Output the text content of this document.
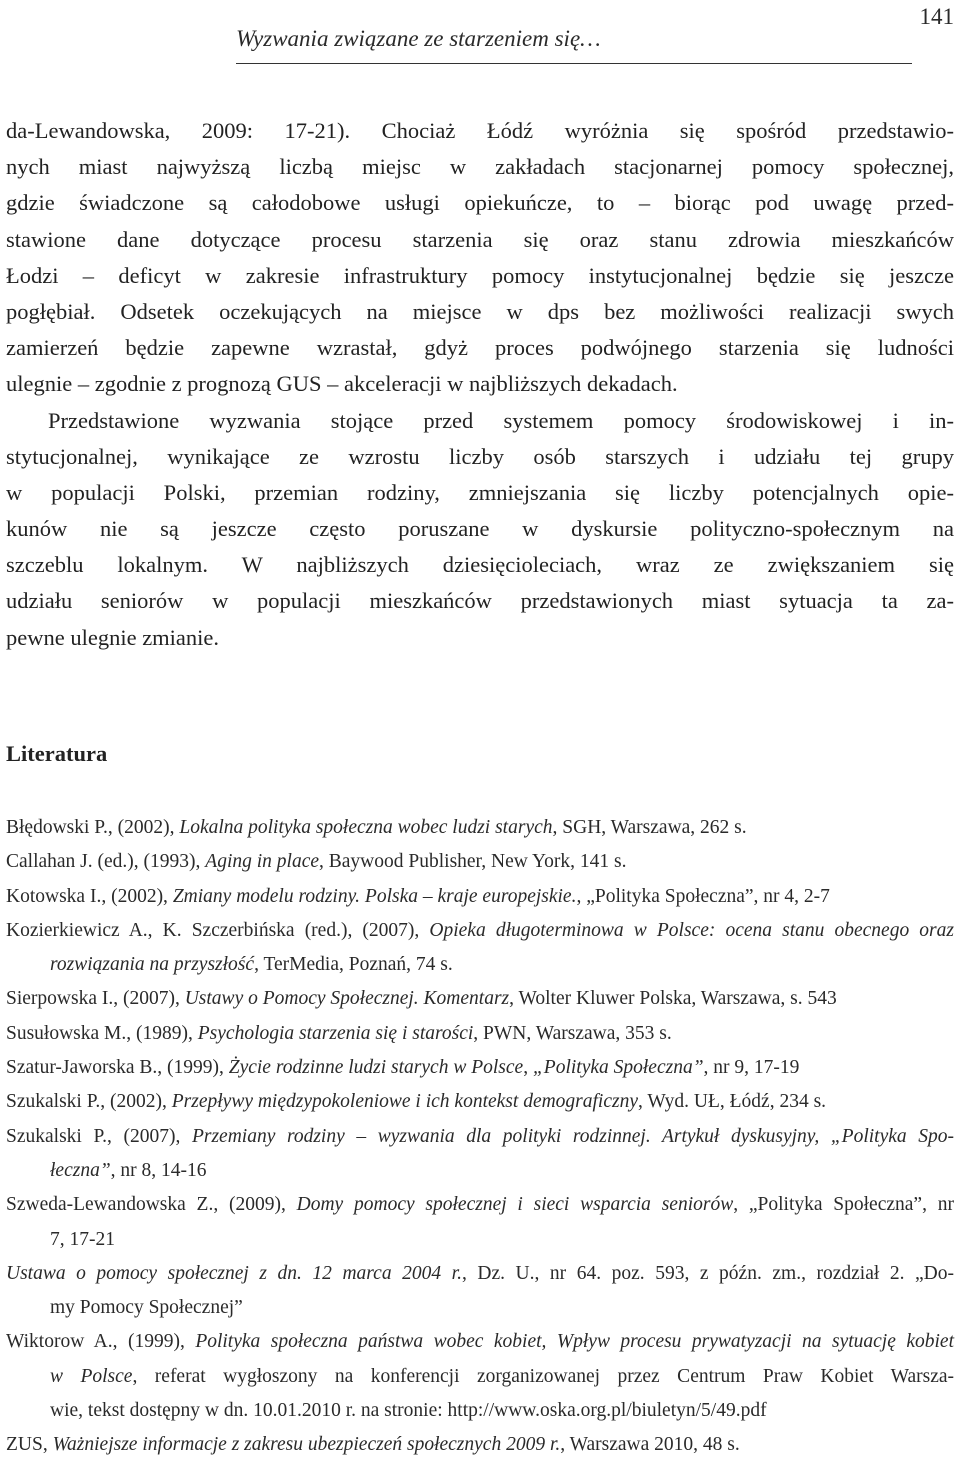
Wyzwania związane ze starzeniem się…
141
da-Lewandowska, 2009: 17-21). Chociaż Łódź wyróżnia się spośród przedstawio-
nych miast najwyższą liczbą miejsc w zakładach stacjonarnej pomocy społecznej,
gdzie świadczone są całodobowe usługi opiekuńcze, to – biorąc pod uwagę przed-
stawione dane dotyczące procesu starzenia się oraz stanu zdrowia mieszkańców
Łodzi – deficyt w zakresie infrastruktury pomocy instytucjonalnej będzie się jeszcze
pogłębiał. Odsetek oczekujących na miejsce w dps bez możliwości realizacji swych
zamierzeń będzie zapewne wzrastał, gdyż proces podwójnego starzenia się ludności
ulegnie – zgodnie z prognozą GUS – akceleracji w najbliższych dekadach.
Przedstawione wyzwania stojące przed systemem pomocy środowiskowej i in-
stytucjonalnej, wynikające ze wzrostu liczby osób starszych i udziału tej grupy
w populacji Polski, przemian rodziny, zmniejszania się liczby potencjalnych opie-
kunów nie są jeszcze często poruszane w dyskursie polityczno-społecznym na
szczeblu lokalnym. W najbliższych dziesięcioleciach, wraz ze zwiększaniem się
udziału seniorów w populacji mieszkańców przedstawionych miast sytuacja ta za-
pewne ulegnie zmianie.
Literatura
Błędowski P., (2002), Lokalna polityka społeczna wobec ludzi starych, SGH, Warszawa, 262 s.
Callahan J. (ed.), (1993), Aging in place, Baywood Publisher, New York, 141 s.
Kotowska I., (2002), Zmiany modelu rodziny. Polska – kraje europejskie., „Polityka Społeczna”, nr 4, 2-7
Kozierkiewicz A., K. Szczerbińska (red.), (2007), Opieka długoterminowa w Polsce: ocena stanu obecnego oraz
rozwiązania na przyszłość, TerMedia, Poznań, 74 s.
Sierpowska I., (2007), Ustawy o Pomocy Społecznej. Komentarz, Wolter Kluwer Polska, Warszawa, s. 543
Susułowska M., (1989), Psychologia starzenia się i starości, PWN, Warszawa, 353 s.
Szatur-Jaworska B., (1999), Życie rodzinne ludzi starych w Polsce, „Polityka Społeczna”, nr 9, 17-19
Szukalski P., (2002), Przepływy międzypokoleniowe i ich kontekst demograficzny, Wyd. UŁ, Łódź, 234 s.
Szukalski P., (2007), Przemiany rodziny – wyzwania dla polityki rodzinnej. Artykuł dyskusyjny, „Polityka Spo-
łeczna”, nr 8, 14-16
Szweda-Lewandowska Z., (2009), Domy pomocy społecznej i sieci wsparcia seniorów, „Polityka Społeczna”, nr
7, 17-21
Ustawa o pomocy społecznej z dn. 12 marca 2004 r., Dz. U., nr 64. poz. 593, z późn. zm., rozdział 2. „Do-
my Pomocy Społecznej”
Wiktorow A., (1999), Polityka społeczna państwa wobec kobiet, Wpływ procesu prywatyzacji na sytuację kobiet
w Polsce, referat wygłoszony na konferencji zorganizowanej przez Centrum Praw Kobiet Warsza-
wie, tekst dostępny w dn. 10.01.2010 r. na stronie: http://www.oska.org.pl/biuletyn/5/49.pdf
ZUS, Ważniejsze informacje z zakresu ubezpieczeń społecznych 2009 r., Warszawa 2010, 48 s.
